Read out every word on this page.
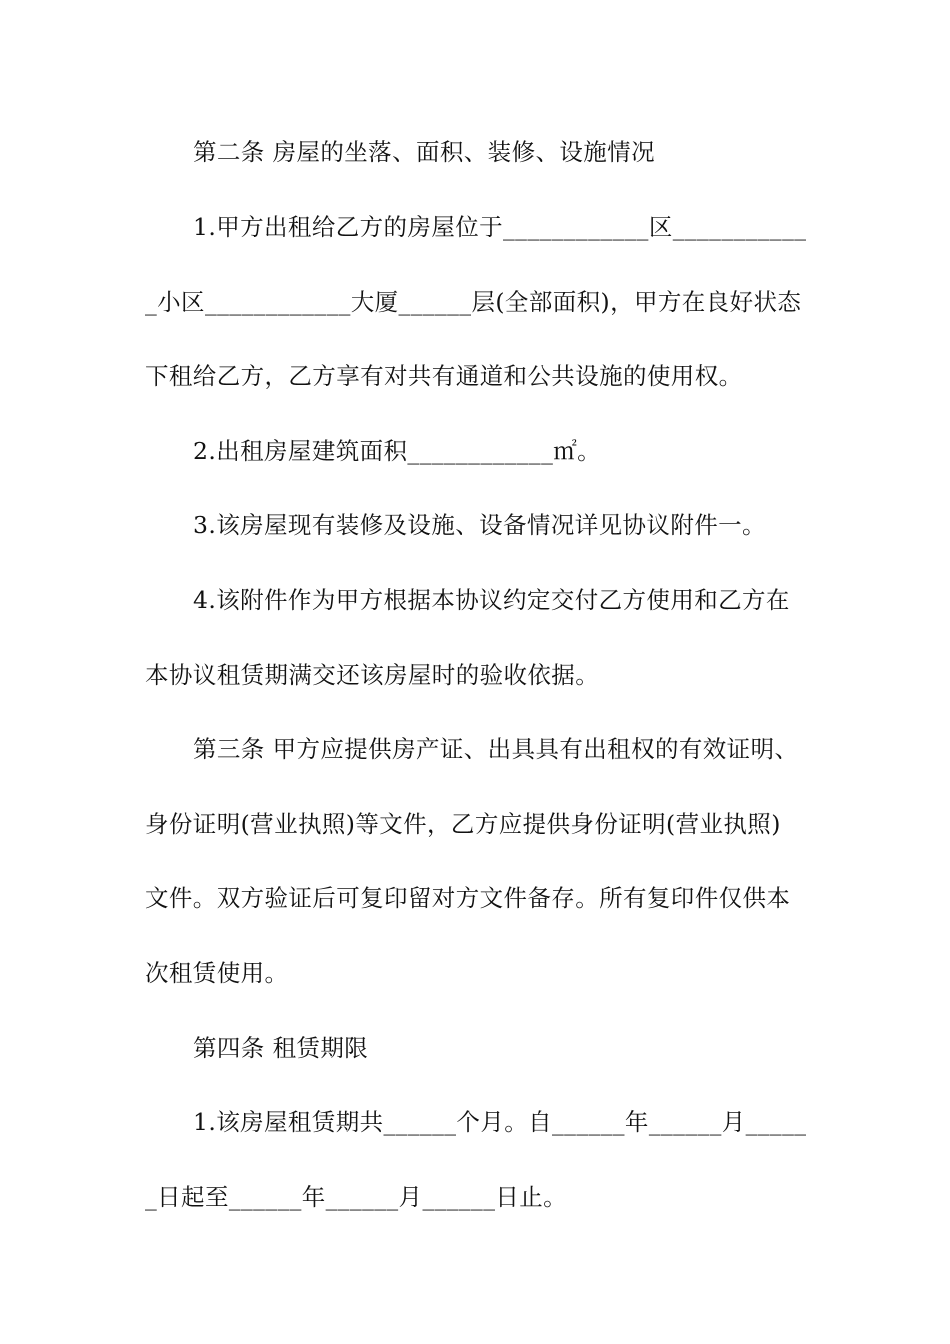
第二条 房屋的坐落、面积、装修、设施情况
1.甲方出租给乙方的房屋位于____________区___________
_小区____________大厦______层(全部面积)，甲方在良好状态
下租给乙方，乙方享有对共有通道和公共设施的使用权。
2.出租房屋建筑面积____________㎡。
3.该房屋现有装修及设施、设备情况详见协议附件一。
4.该附件作为甲方根据本协议约定交付乙方使用和乙方在
本协议租赁期满交还该房屋时的验收依据。
第三条 甲方应提供房产证、出具具有出租权的有效证明、
身份证明(营业执照)等文件，乙方应提供身份证明(营业执照)
文件。双方验证后可复印留对方文件备存。所有复印件仅供本
次租赁使用。
第四条 租赁期限
1.该房屋租赁期共______个月。自______年______月_____
_日起至______年______月______日止。
